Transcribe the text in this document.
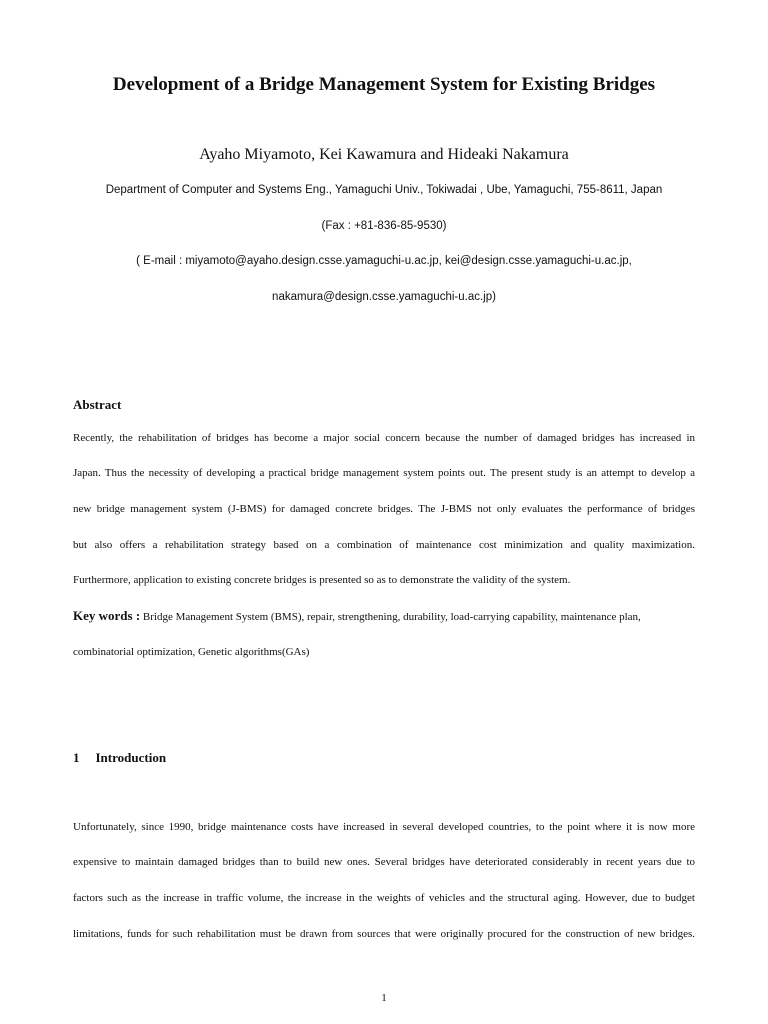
Development of a Bridge Management System for Existing Bridges

Ayaho Miyamoto, Kei Kawamura and Hideaki Nakamura

Department of Computer and Systems Eng., Yamaguchi Univ., Tokiwadai , Ube, Yamaguchi, 755-8611, Japan

(Fax : +81-836-85-9530)

( E-mail : miyamoto@ayaho.design.csse.yamaguchi-u.ac.jp, kei@design.csse.yamaguchi-u.ac.jp,

nakamura@design.csse.yamaguchi-u.ac.jp)

Abstract

Recently, the rehabilitation of bridges has become a major social concern because the number of damaged bridges has increased in

Japan. Thus the necessity of developing a practical bridge management system points out. The present study is an attempt to develop a

new bridge management system (J-BMS) for damaged concrete bridges. The J-BMS not only evaluates the performance of bridges

but also offers a rehabilitation strategy based on a combination of maintenance cost minimization and quality maximization.

Furthermore, application to existing concrete bridges is presented so as to demonstrate the validity of the system.

Key words : Bridge Management System (BMS), repair, strengthening, durability, load-carrying capability, maintenance plan,

combinatorial optimization, Genetic algorithms(GAs)

1 Introduction

Unfortunately, since 1990, bridge maintenance costs have increased in several developed countries, to the point where it is now more

expensive to maintain damaged bridges than to build new ones. Several bridges have deteriorated considerably in recent years due to

factors such as the increase in traffic volume, the increase in the weights of vehicles and the structural aging. However, due to budget

limitations, funds for such rehabilitation must be drawn from sources that were originally procured for the construction of new bridges.

1
